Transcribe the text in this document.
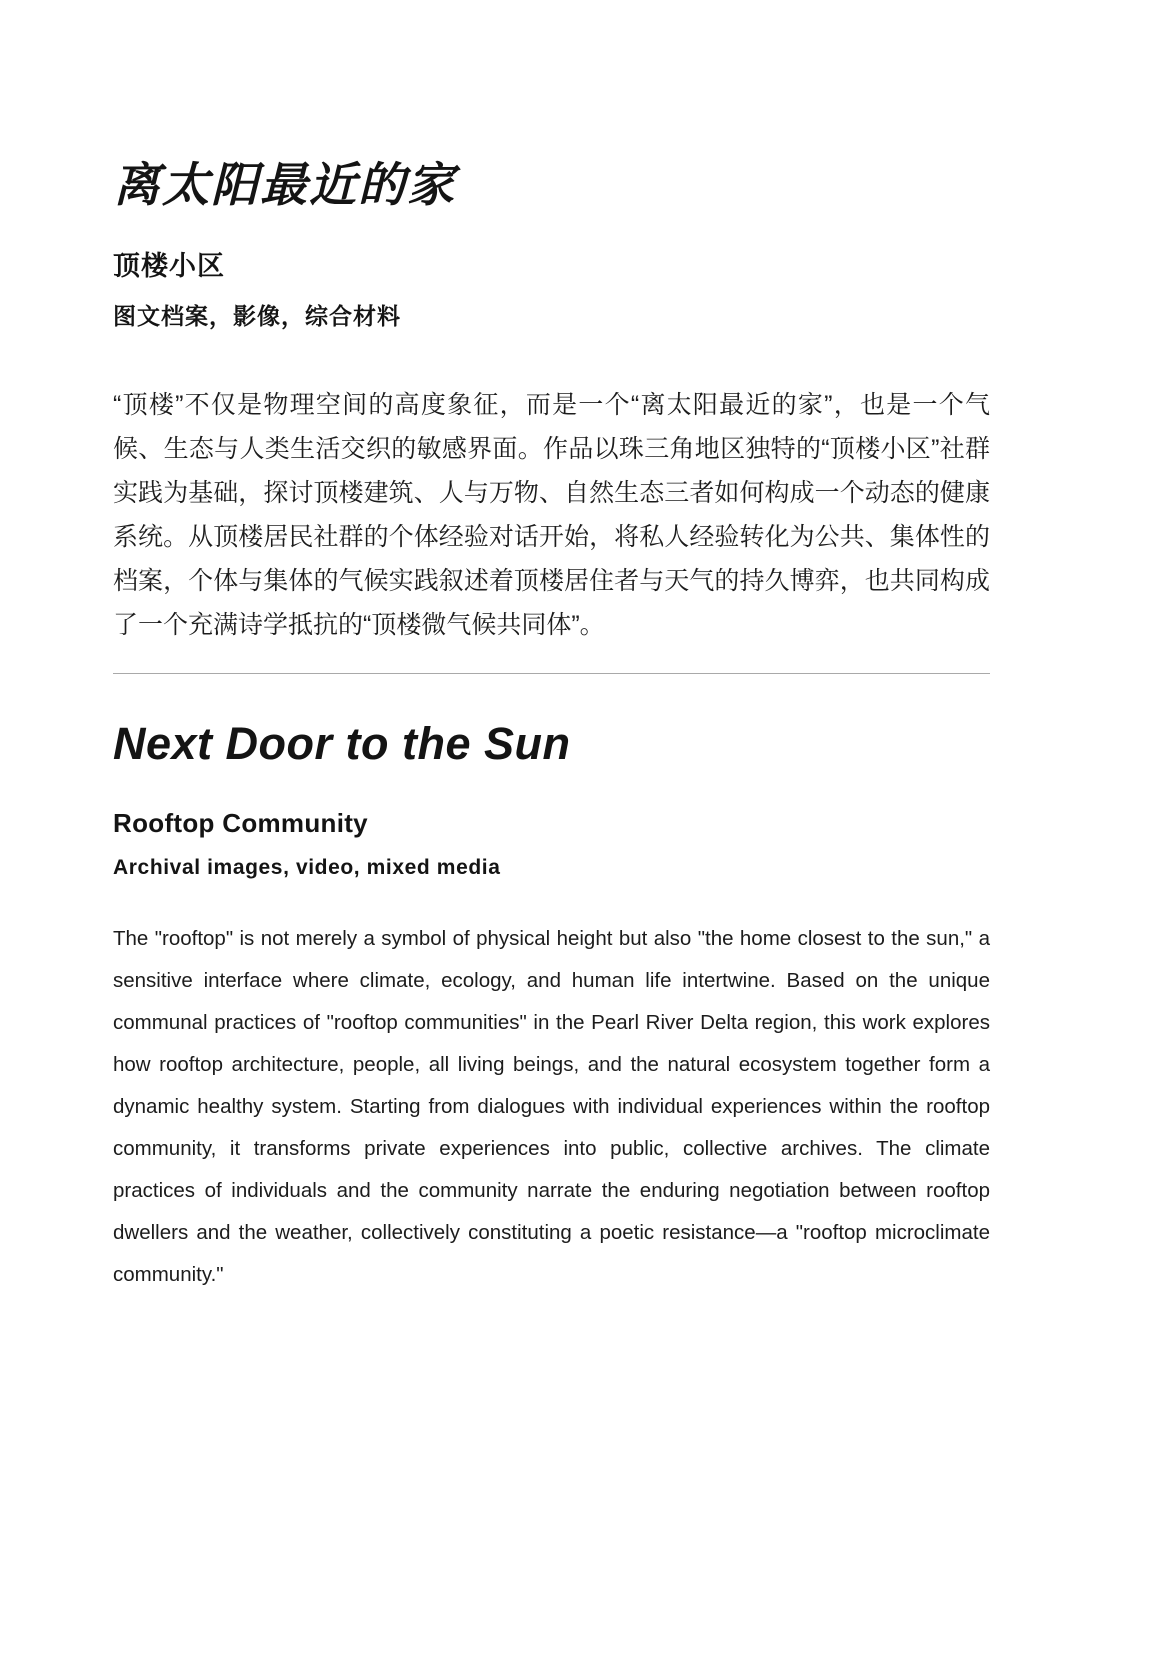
离太阳最近的家
顶楼小区
图文档案，影像，综合材料

“顶楼”不仅是物理空间的高度象征，而是一个“离太阳最近的家”，也是一个气候、生态与人类生活交织的敏感界面。作品以珠三角地区独特的“顶楼小区”社群实践为基础，探讨顶楼建筑、人与万物、自然生态三者如何构成一个动态的健康系统。从顶楼居民社群的个体经验对话开始，将私人经验转化为公共、集体性的档案，个体与集体的气候实践叙述着顶楼居住者与天气的持久博弈，也共同构成了一个充满诗学抵抗的“顶楼微气候共同体”。

Next Door to the Sun
Rooftop Community
Archival images, video, mixed media

The "rooftop" is not merely a symbol of physical height but also "the home closest to the sun," a sensitive interface where climate, ecology, and human life intertwine. Based on the unique communal practices of "rooftop communities" in the Pearl River Delta region, this work explores how rooftop architecture, people, all living beings, and the natural ecosystem together form a dynamic healthy system. Starting from dialogues with individual experiences within the rooftop community, it transforms private experiences into public, collective archives. The climate practices of individuals and the community narrate the enduring negotiation between rooftop dwellers and the weather, collectively constituting a poetic resistance—a "rooftop microclimate community."
